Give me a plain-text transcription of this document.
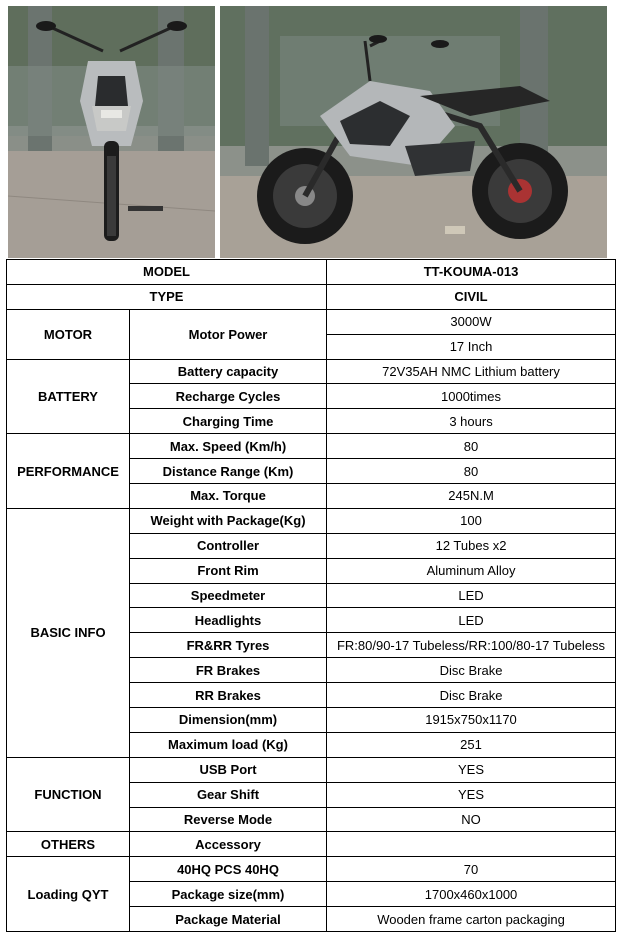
MODEL		TT-KOUMA-013
TYPE		CIVIL
MOTOR	Motor Power	3000W
		17 Inch
BATTERY	Battery capacity	72V35AH NMC Lithium battery
	Recharge Cycles	1000times
	Charging Time	3 hours
PERFORMANCE	Max. Speed (Km/h)	80
	Distance Range (Km)	80
	Max. Torque	245N.M
BASIC INFO	Weight with Package(Kg)	100
	Controller	12 Tubes x2
	Front Rim	Aluminum Alloy
	Speedmeter	LED
	Headlights	LED
	FR&RR Tyres	FR:80/90-17 Tubeless/RR:100/80-17 Tubeless
	FR Brakes	Disc Brake
	RR Brakes	Disc Brake
	Dimension(mm)	1915x750x1170
	Maximum load (Kg)	251
FUNCTION	USB Port	YES
	Gear Shift	YES
	Reverse Mode	NO
OTHERS	Accessory	
Loading QYT	40HQ PCS 40HQ	70
	Package size(mm)	1700x460x1000
	Package Material	Wooden frame carton packaging
